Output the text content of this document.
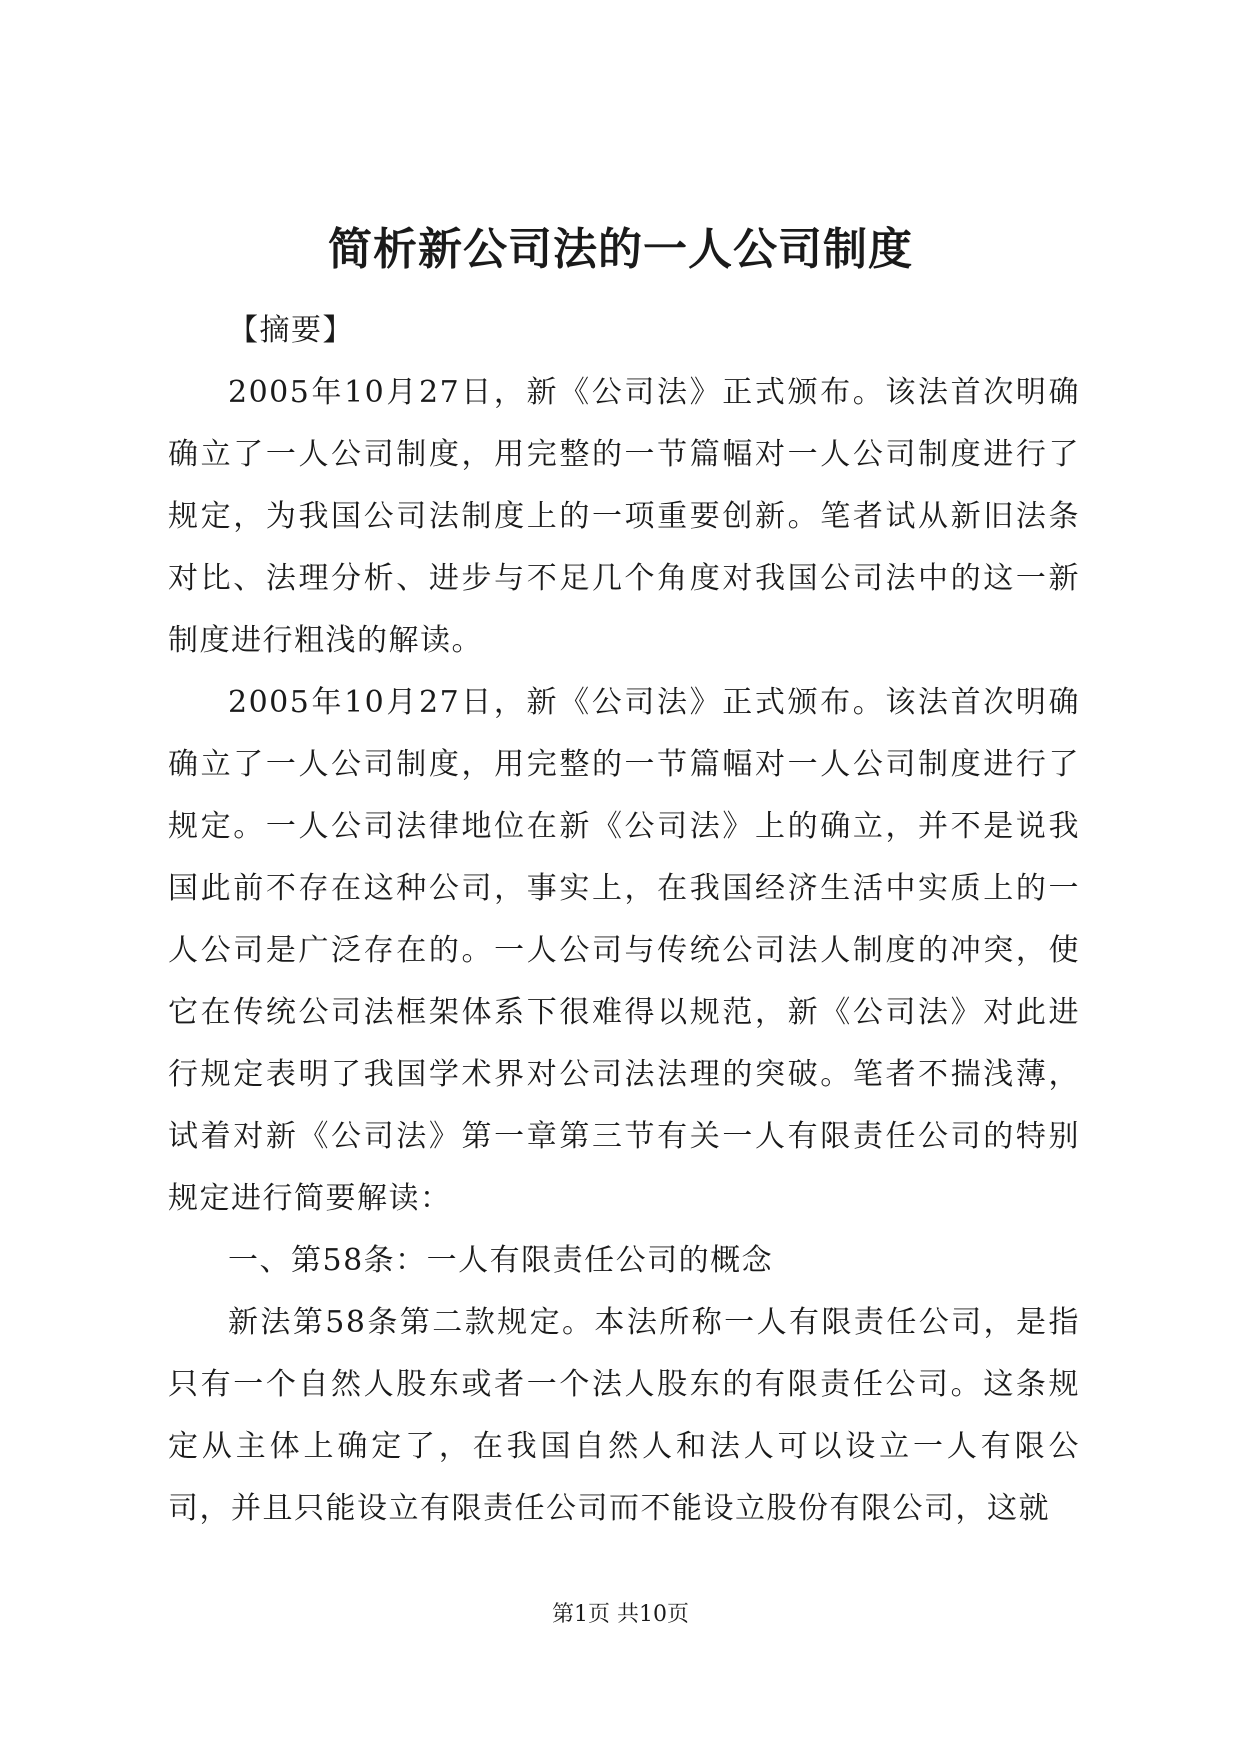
简析新公司法的一人公司制度

【摘要】

2005年10月27日，新《公司法》正式颁布。该法首次明确确立了一人公司制度，用完整的一节篇幅对一人公司制度进行了规定，为我国公司法制度上的一项重要创新。笔者试从新旧法条对比、法理分析、进步与不足几个角度对我国公司法中的这一新制度进行粗浅的解读。

2005年10月27日，新《公司法》正式颁布。该法首次明确确立了一人公司制度，用完整的一节篇幅对一人公司制度进行了规定。一人公司法律地位在新《公司法》上的确立，并不是说我国此前不存在这种公司，事实上，在我国经济生活中实质上的一人公司是广泛存在的。一人公司与传统公司法人制度的冲突，使它在传统公司法框架体系下很难得以规范，新《公司法》对此进行规定表明了我国学术界对公司法法理的突破。笔者不揣浅薄，试着对新《公司法》第一章第三节有关一人有限责任公司的特别规定进行简要解读：

一、第58条：一人有限责任公司的概念

新法第58条第二款规定。本法所称一人有限责任公司，是指只有一个自然人股东或者一个法人股东的有限责任公司。这条规定从主体上确定了，在我国自然人和法人可以设立一人有限公司，并且只能设立有限责任公司而不能设立股份有限公司，这就

第1页 共10页
